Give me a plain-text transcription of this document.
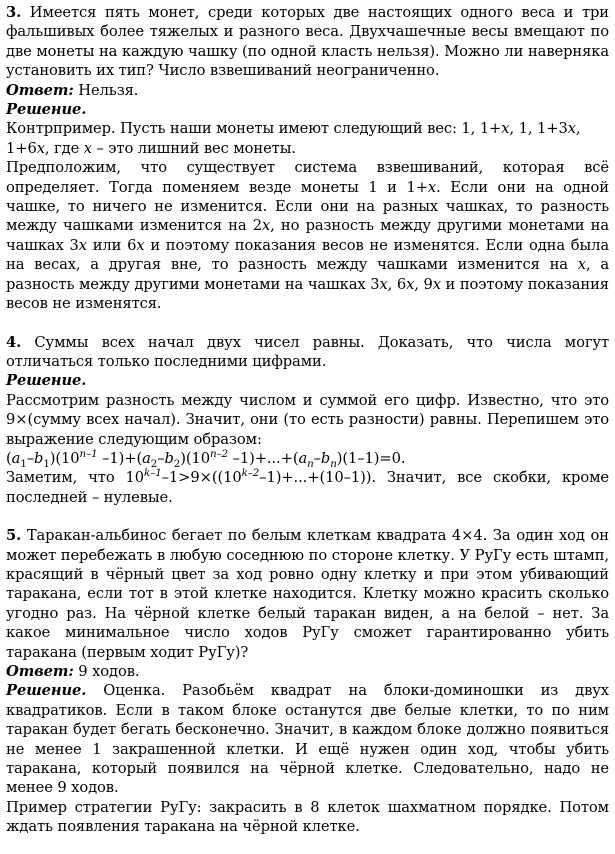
3. Имеется пять монет, среди которых две настоящих одного веса и три фальшивых более тяжелых и разного веса. Двухчашечные весы вмещают по две монеты на каждую чашку (по одной класть нельзя). Можно ли наверняка установить их тип? Число взвешиваний неограниченно.

Ответ: Нельзя.

Решение.

Контрпример. Пусть наши монеты имеют следующий вес: 1, 1+x, 1, 1+3x,
1+6x, где x – это лишний вес монеты.

Предположим, что существует система взвешиваний, которая всё определяет. Тогда поменяем везде монеты 1 и 1+x. Если они на одной чашке, то ничего не изменится. Если они на разных чашках, то разность между чашками изменится на 2x, но разность между другими монетами на чашках 3x или 6x и поэтому показания весов не изменятся. Если одна была на весах, а другая вне, то разность между чашками изменится на x, а разность между другими монетами на чашках 3x, 6x, 9x и поэтому показания весов не изменятся.

4. Суммы всех начал двух чисел равны. Доказать, что числа могут отличаться только последними цифрами.

Решение.

Рассмотрим разность между числом и суммой его цифр. Известно, что это 9×(сумму всех начал). Значит, они (то есть разности) равны. Перепишем это выражение следующим образом:

$(a_1-b_1)(10^{n-1}$ $-1)+(a_2-b_2)(10^{n-2}$ $-1)+...+(a_n-b_n)(1-1)=0$.

Заметим, что $10^{k-1}-1>9\times((10^{k-2}-1)+...+(10-1))$. Значит, все скобки, кроме последней – нулевые.

5. Таракан-альбинос бегает по белым клеткам квадрата 4×4. За один ход он может перебежать в любую соседнюю по стороне клетку. У РуГу есть штамп, красящий в чёрный цвет за ход ровно одну клетку и при этом убивающий таракана, если тот в этой клетке находится. Клетку можно красить сколько угодно раз. На чёрной клетке белый таракан виден, а на белой – нет. За какое минимальное число ходов РуГу сможет гарантированно убить таракана (первым ходит РуГу)?

Ответ: 9 ходов.

Решение. Оценка. Разобьём квадрат на блоки-доминошки из двух квадратиков. Если в таком блоке останутся две белые клетки, то по ним таракан будет бегать бесконечно. Значит, в каждом блоке должно появиться не менее 1 закрашенной клетки. И ещё нужен один ход, чтобы убить таракана, который появился на чёрной клетке. Следовательно, надо не менее 9 ходов.

Пример стратегии РуГу: закрасить в 8 клеток шахматном порядке. Потом ждать появления таракана на чёрной клетке.
